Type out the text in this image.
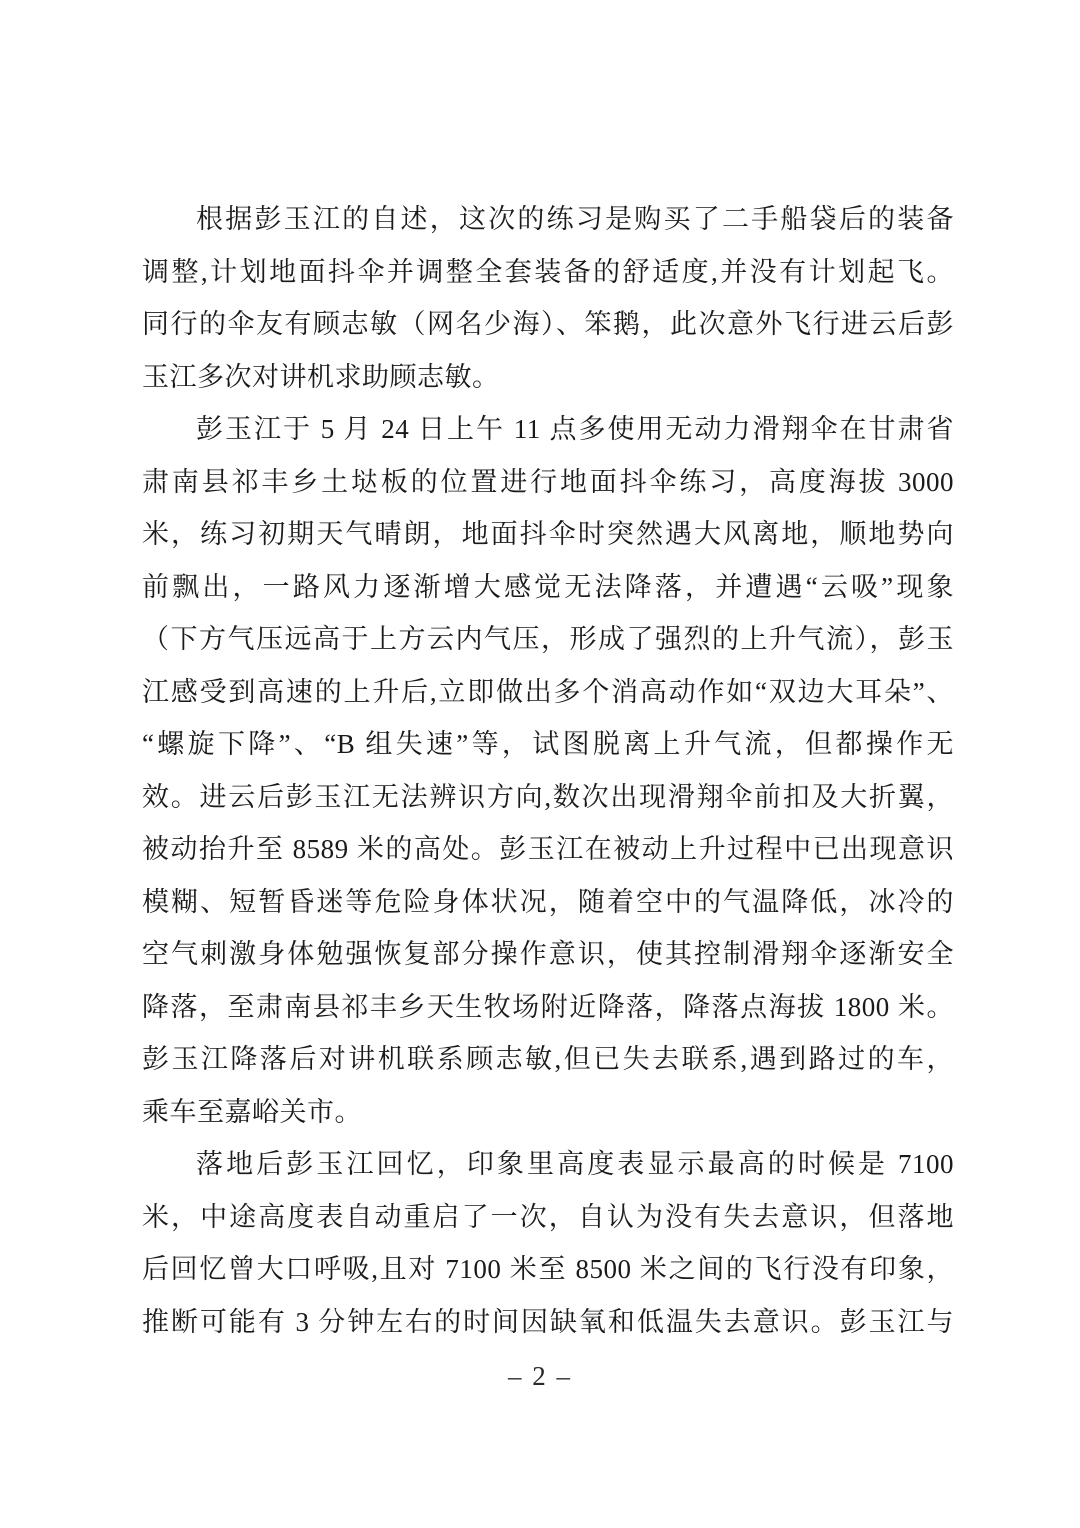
根据彭玉江的自述，这次的练习是购买了二手船袋后的装备
调整,计划地面抖伞并调整全套装备的舒适度,并没有计划起飞。
同行的伞友有顾志敏（网名少海）、笨鹅，此次意外飞行进云后彭
玉江多次对讲机求助顾志敏。
彭玉江于 5 月 24 日上午 11 点多使用无动力滑翔伞在甘肃省
肃南县祁丰乡土垯板的位置进行地面抖伞练习，高度海拔 3000
米，练习初期天气晴朗，地面抖伞时突然遇大风离地，顺地势向
前飘出，一路风力逐渐增大感觉无法降落，并遭遇“云吸”现象
（下方气压远高于上方云内气压，形成了强烈的上升气流），彭玉
江感受到高速的上升后,立即做出多个消高动作如“双边大耳朵”、
“螺旋下降”、“B 组失速”等，试图脱离上升气流，但都操作无
效。进云后彭玉江无法辨识方向,数次出现滑翔伞前扣及大折翼，
被动抬升至 8589 米的高处。彭玉江在被动上升过程中已出现意识
模糊、短暂昏迷等危险身体状况，随着空中的气温降低，冰冷的
空气刺激身体勉强恢复部分操作意识，使其控制滑翔伞逐渐安全
降落，至肃南县祁丰乡天生牧场附近降落，降落点海拔 1800 米。
彭玉江降落后对讲机联系顾志敏,但已失去联系,遇到路过的车，
乘车至嘉峪关市。
落地后彭玉江回忆，印象里高度表显示最高的时候是 7100
米，中途高度表自动重启了一次，自认为没有失去意识，但落地
后回忆曾大口呼吸,且对 7100 米至 8500 米之间的飞行没有印象，
推断可能有 3 分钟左右的时间因缺氧和低温失去意识。彭玉江与
– 2 –
